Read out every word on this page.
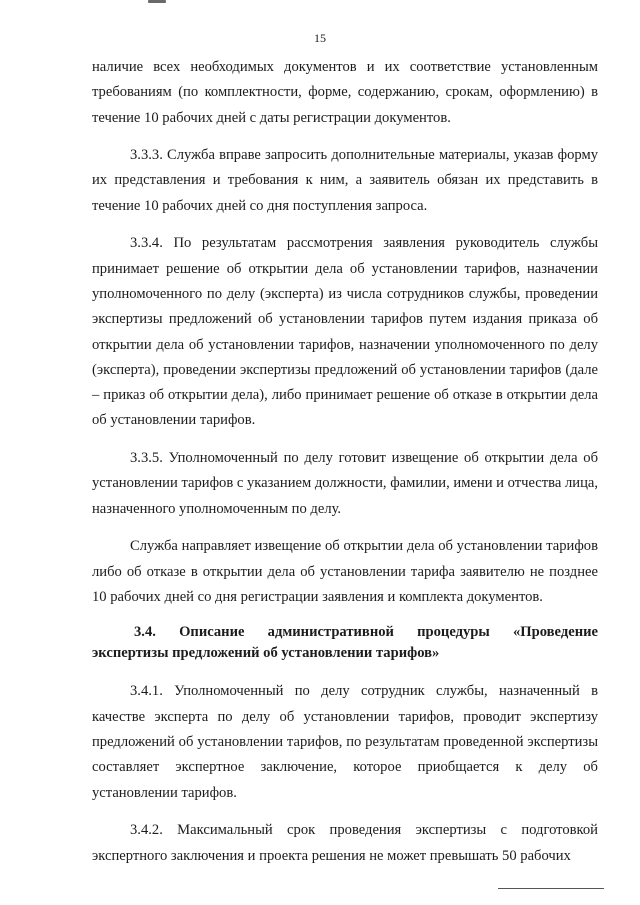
15

наличие всех необходимых документов и их соответствие установленным требованиям (по комплектности, форме, содержанию, срокам, оформлению) в течение 10 рабочих дней с даты регистрации документов.

3.3.3. Служба вправе запросить дополнительные материалы, указав форму их представления и требования к ним, а заявитель обязан их представить в течение 10 рабочих дней со дня поступления запроса.

3.3.4. По результатам рассмотрения заявления руководитель службы принимает решение об открытии дела об установлении тарифов, назначении уполномоченного по делу (эксперта) из числа сотрудников службы, проведении экспертизы предложений об установлении тарифов путем издания приказа об открытии дела об установлении тарифов, назначении уполномоченного по делу (эксперта), проведении экспертизы предложений об установлении тарифов (дале – приказ об открытии дела), либо принимает решение об отказе в открытии дела об установлении тарифов.

3.3.5. Уполномоченный по делу готовит извещение об открытии дела об установлении тарифов с указанием должности, фамилии, имени и отчества лица, назначенного уполномоченным по делу.

Служба направляет извещение об открытии дела об установлении тарифов либо об отказе в открытии дела об установлении тарифа заявителю не позднее 10 рабочих дней со дня регистрации заявления и комплекта документов.

3.4. Описание административной процедуры «Проведение экспертизы предложений об установлении тарифов»

3.4.1. Уполномоченный по делу сотрудник службы, назначенный в качестве эксперта по делу об установлении тарифов, проводит экспертизу предложений об установлении тарифов, по результатам проведенной экспертизы составляет экспертное заключение, которое приобщается к делу об установлении тарифов.

3.4.2. Максимальный срок проведения экспертизы с подготовкой экспертного заключения и проекта решения не может превышать 50 рабочих
